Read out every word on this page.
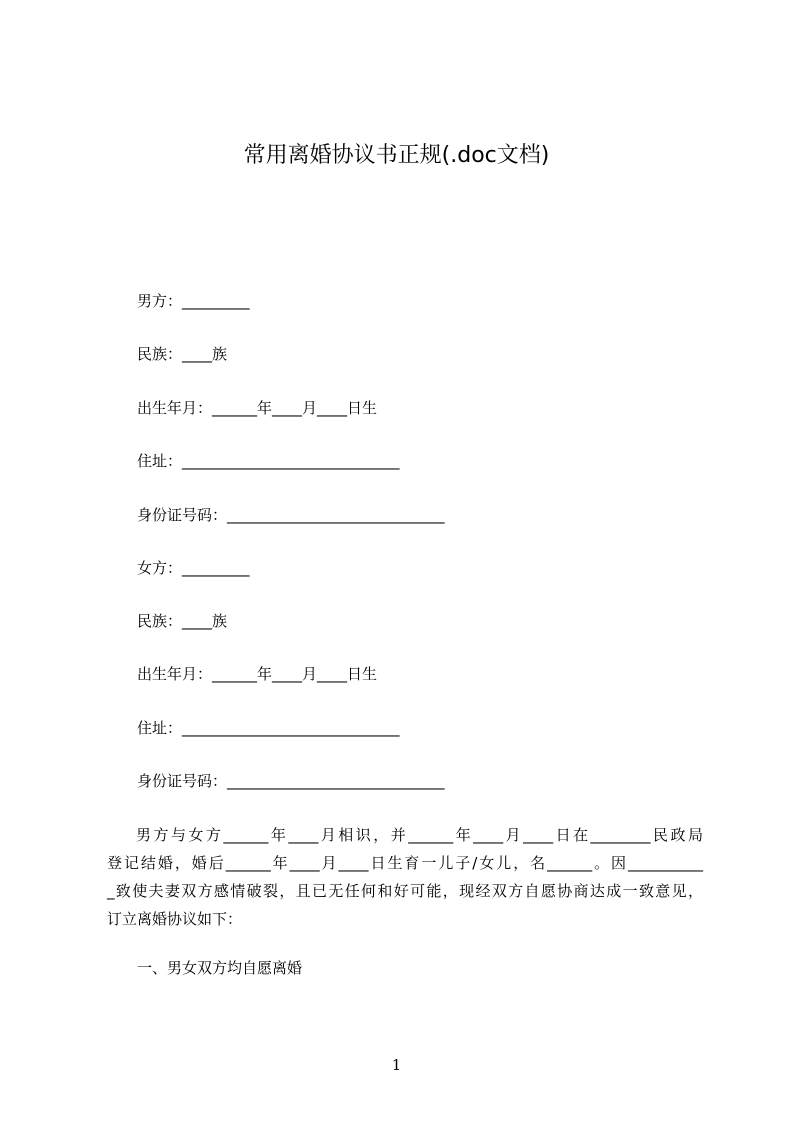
常用离婚协议书正规(.doc文档)
男方：_________
民族：____族
出生年月：______年____月____日生
住址：_____________________________
身份证号码：_____________________________
女方：_________
民族：____族
出生年月：______年____月____日生
住址：_____________________________
身份证号码：_____________________________
男方与女方______年____月相识，并______年____月____日在________民政局
登记结婚，婚后______年____月____日生育一儿子/女儿，名______。因__________
_致使夫妻双方感情破裂，且已无任何和好可能，现经双方自愿协商达成一致意见，
订立离婚协议如下：
一、男女双方均自愿离婚
1
